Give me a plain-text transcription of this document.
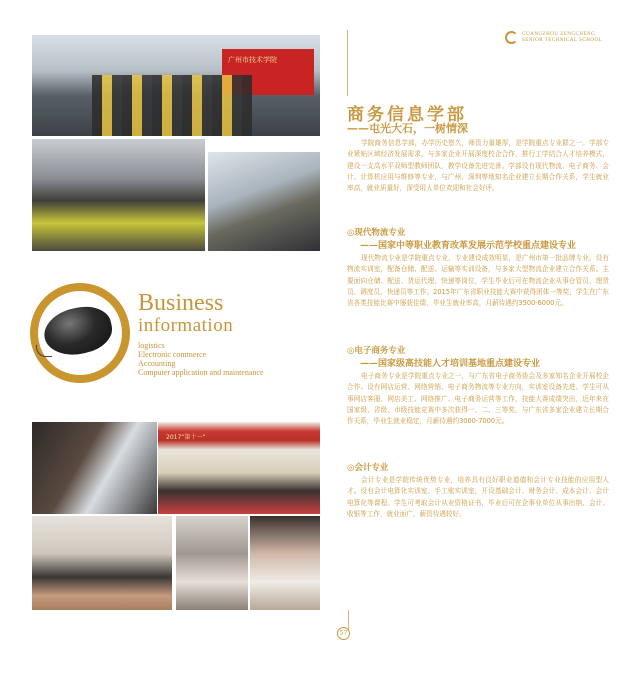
广州市技术学院
Business
information
logistics
Electronic commerce
Accounting
Computer application and maintenance
2017“第十一”
GUANGZHOU ZENGCHENG
SENIOR TECHNICAL SCHOOL
商务信息学部
——屯光大石，一树情深
学院商务信息学部，办学历史悠久，师资力量雄厚，是学院重点专业群之一。学部专业紧贴区域经济发展需求，与多家企业开展深度校企合作，推行工学结合人才培养模式，建设一支高水平双师型教师团队，教学设备先进完善。学部设有现代物流、电子商务、会计、计算机应用与维修等专业，与广州、深圳等地知名企业建立长期合作关系，学生就业率高，就业质量好，深受用人单位欢迎和社会好评。
◎现代物流专业
——国家中等职业教育改革发展示范学校重点建设专业
现代物流专业是学院重点专业，专业建设成效明显，是广州市第一批品牌专业。设有物流实训室，配备仓储、配送、运输等实训设备，与多家大型物流企业建立合作关系。主要面向仓储、配送、货运代理、快递等岗位，学生毕业后可在物流企业从事仓管员、理货员、调度员、快递员等工作。2015年广东省职业技能大赛中获得团体一等奖，学生在广东省各类技能比赛中屡获佳绩，毕业生就业率高，月薪待遇约3500-6000元。
◎电子商务专业
——国家级高技能人才培训基地重点建设专业
电子商务专业是学院重点专业之一，与广东省电子商务协会及多家知名企业开展校企合作。设有网店运营、网络营销、电子商务物流等专业方向，实训室设备先进。学生可从事网店客服、网店美工、网络推广、电子商务运营等工作，技能大赛成绩突出，近年来在国家级、省级、市级技能竞赛中多次获得一、二、三等奖，与广东省多家企业建立长期合作关系，毕业生就业稳定，月薪待遇约3000-7000元。
◎会计专业
会计专业是学院传统优势专业，培养具有良好职业道德和会计专业技能的应用型人才。设有会计电算化实训室、手工账实训室，开设基础会计、财务会计、成本会计、会计电算化等课程。学生可考取会计从业资格证书，毕业后可在企事业单位从事出纳、会计、收银等工作，就业面广，薪资待遇较好。
57
